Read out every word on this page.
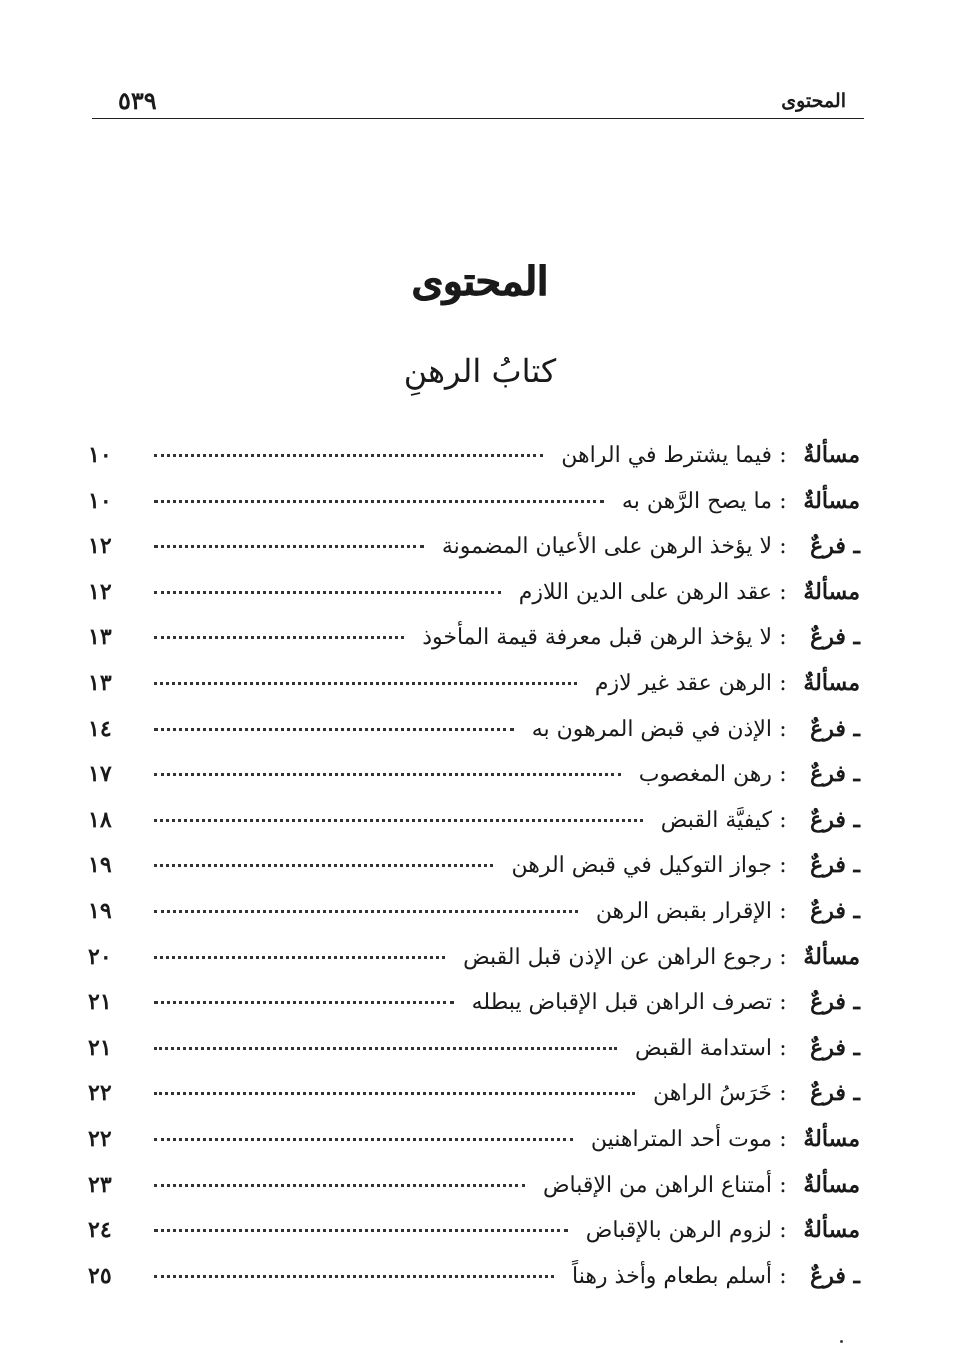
المحتوى
٥٣٩
المحتوى
كتابُ الرهنِ
مسألةٌ
:
فيما يشترط في الراهن
١٠
مسألةٌ
:
ما يصح الرَّهن به
١٠
ـ فرعٌ
:
لا يؤخذ الرهن على الأعيان المضمونة
١٢
مسألةٌ
:
عقد الرهن على الدين اللازم
١٢
ـ فرعٌ
:
لا يؤخذ الرهن قبل معرفة قيمة المأخوذ
١٣
مسألةٌ
:
الرهن عقد غير لازم
١٣
ـ فرعٌ
:
الإذن في قبض المرهون به
١٤
ـ فرعٌ
:
رهن المغصوب
١٧
ـ فرعٌ
:
كيفيَّة القبض
١٨
ـ فرعٌ
:
جواز التوكيل في قبض الرهن
١٩
ـ فرعٌ
:
الإقرار بقبض الرهن
١٩
مسألةٌ
:
رجوع الراهن عن الإذن قبل القبض
٢٠
ـ فرعٌ
:
تصرف الراهن قبل الإقباض يبطله
٢١
ـ فرعٌ
:
استدامة القبض
٢١
ـ فرعٌ
:
خَرَسُ الراهن
٢٢
مسألةٌ
:
موت أحد المتراهنين
٢٢
مسألةٌ
:
أمتناع الراهن من الإقباض
٢٣
مسألةٌ
:
لزوم الرهن بالإقباض
٢٤
ـ فرعٌ
:
أسلم بطعام وأخذ رهناً
٢٥
